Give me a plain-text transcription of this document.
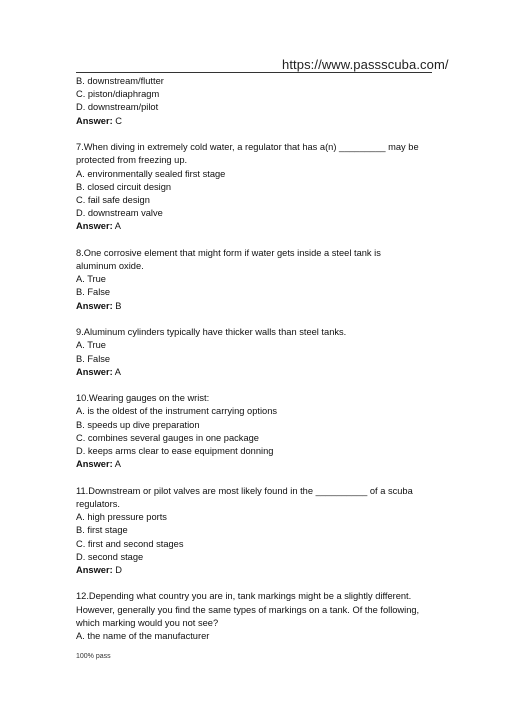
https://www.passscuba.com/
B. downstream/flutter
C. piston/diaphragm
D. downstream/pilot
Answer: C
7.When diving in extremely cold water, a regulator that has a(n) _________ may be protected from freezing up.
A. environmentally sealed first stage
B. closed circuit design
C. fail safe design
D. downstream valve
Answer: A
8.One corrosive element that might form if water gets inside a steel tank is aluminum oxide.
A. True
B. False
Answer: B
9.Aluminum cylinders typically have thicker walls than steel tanks.
A. True
B. False
Answer: A
10.Wearing gauges on the wrist:
A. is the oldest of the instrument carrying options
B. speeds up dive preparation
C. combines several gauges in one package
D. keeps arms clear to ease equipment donning
Answer: A
11.Downstream or pilot valves are most likely found in the __________ of a scuba regulators.
A. high pressure ports
B. first stage
C. first and second stages
D. second stage
Answer: D
12.Depending what country you are in, tank markings might be a slightly different. However, generally you find the same types of markings on a tank. Of the following, which marking would you not see?
A. the name of the manufacturer
100% pass
